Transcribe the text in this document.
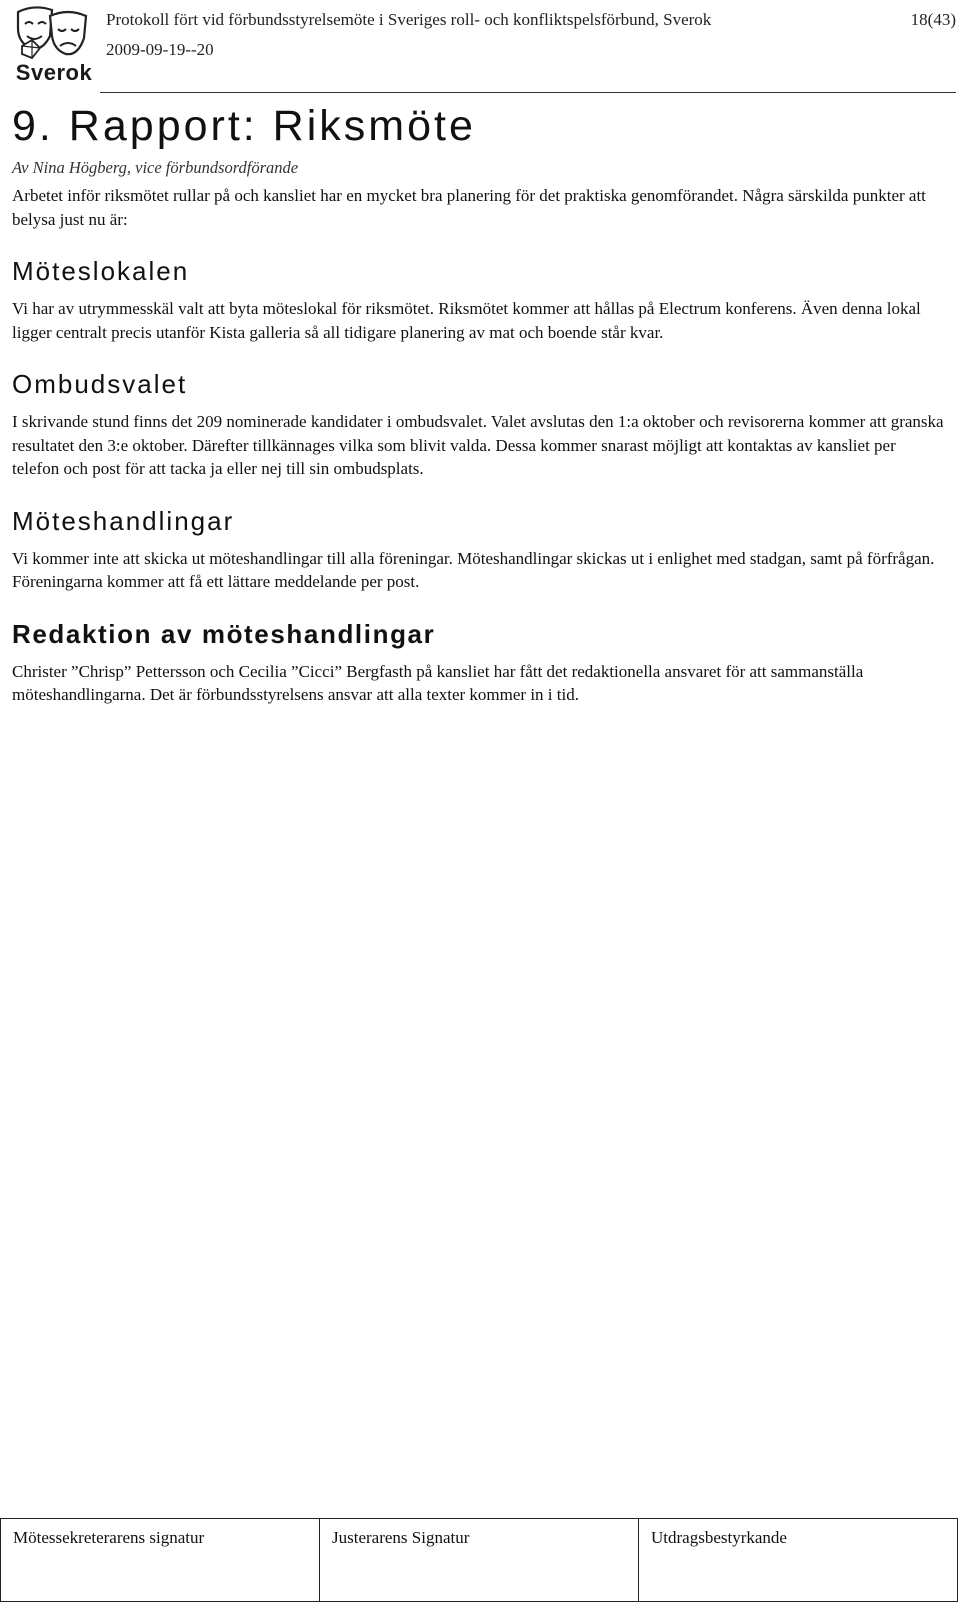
Sverok
Protokoll fört vid förbundsstyrelsemöte i Sveriges roll- och konfliktspelsförbund, Sverok	18(43)
2009-09-19--20
9. Rapport: Riksmöte
Av Nina Högberg, vice förbundsordförande

Arbetet inför riksmötet rullar på och kansliet har en mycket bra planering för det praktiska genomförandet. Några särskilda punkter att belysa just nu är:

Möteslokalen

Vi har av utrymmesskäl valt att byta möteslokal för riksmötet. Riksmötet kommer att hållas på Electrum konferens. Även denna lokal ligger centralt precis utanför Kista galleria så all tidigare planering av mat och boende står kvar.

Ombudsvalet

I skrivande stund finns det 209 nominerade kandidater i ombudsvalet. Valet avslutas den 1:a oktober och revisorerna kommer att granska resultatet den 3:e oktober. Därefter tillkännages vilka som blivit valda. Dessa kommer snarast möjligt att kontaktas av kansliet per telefon och post för att tacka ja eller nej till sin ombudsplats.

Möteshandlingar

Vi kommer inte att skicka ut möteshandlingar till alla föreningar. Möteshandlingar skickas ut i enlighet med stadgan, samt på förfrågan. Föreningarna kommer att få ett lättare meddelande per post.

Redaktion av möteshandlingar

Christer ”Chrisp” Pettersson och Cecilia ”Cicci” Bergfasth på kansliet har fått det redaktionella ansvaret för att sammanställa möteshandlingarna. Det är förbundsstyrelsens ansvar att alla texter kommer in i tid.

Mötessekreterarens signatur	Justerarens Signatur	Utdragsbestyrkande
